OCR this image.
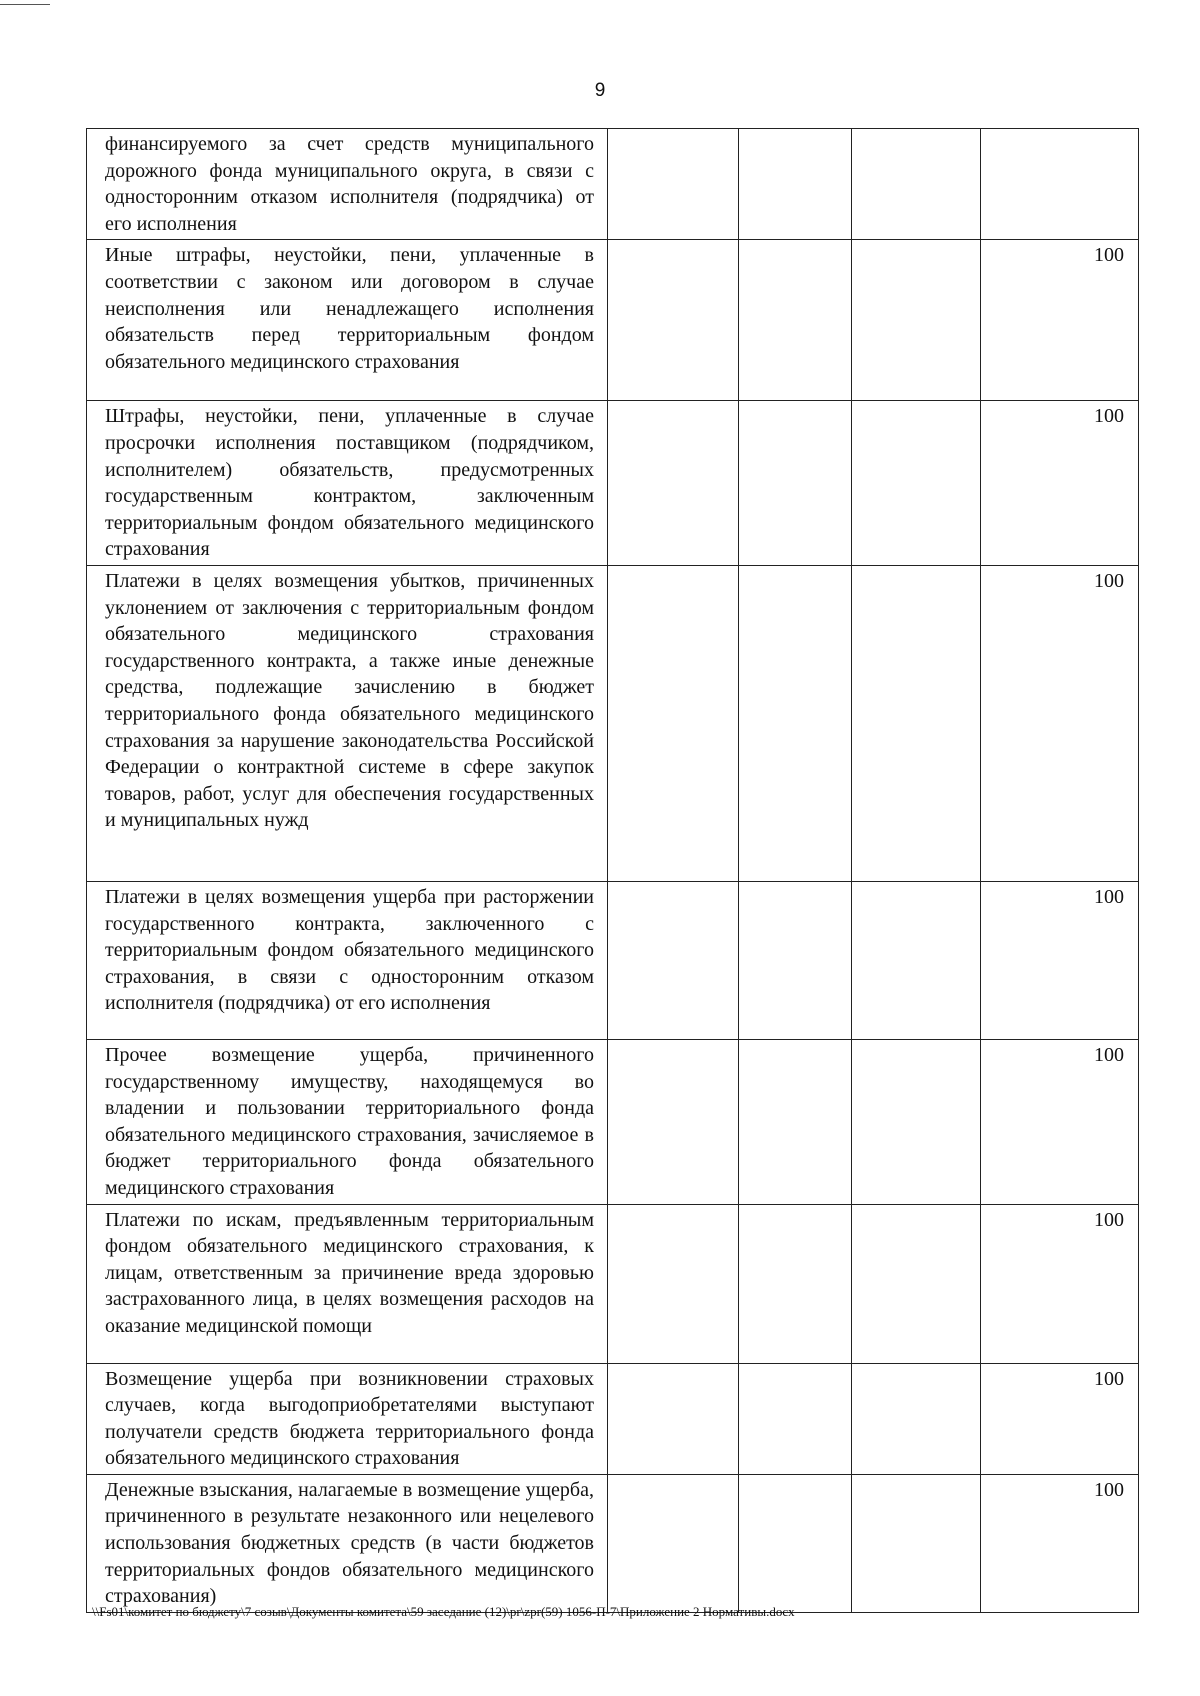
9
финансируемого за счет средств муниципального дорожного фонда муниципального округа, в связи с односторонним отказом исполнителя (подрядчика) от его исполнения				
Иные штрафы, неустойки, пени, уплаченные в соответствии с законом или договором в случае неисполнения или ненадлежащего исполнения обязательств перед территориальным фондом обязательного медицинского страхования				100
Штрафы, неустойки, пени, уплаченные в случае просрочки исполнения поставщиком (подрядчиком, исполнителем) обязательств, предусмотренных государственным контрактом, заключенным территориальным фондом обязательного медицинского страхования				100
Платежи в целях возмещения убытков, причиненных уклонением от заключения с территориальным фондом обязательного медицинского страхования государственного контракта, а также иные денежные средства, подлежащие зачислению в бюджет территориального фонда обязательного медицинского страхования за нарушение законодательства Российской Федерации о контрактной системе в сфере закупок товаров, работ, услуг для обеспечения государственных и муниципальных нужд				100
Платежи в целях возмещения ущерба при расторжении государственного контракта, заключенного с территориальным фондом обязательного медицинского страхования, в связи с односторонним отказом исполнителя (подрядчика) от его исполнения				100
Прочее возмещение ущерба, причиненного государственному имуществу, находящемуся во владении и пользовании территориального фонда обязательного медицинского страхования, зачисляемое в бюджет территориального фонда обязательного медицинского страхования				100
Платежи по искам, предъявленным территориальным фондом обязательного медицинского страхования, к лицам, ответственным за причинение вреда здоровью застрахованного лица, в целях возмещения расходов на оказание медицинской помощи				100
Возмещение ущерба при возникновении страховых случаев, когда выгодоприобретателями выступают получатели средств бюджета территориального фонда обязательного медицинского страхования				100
Денежные взыскания, налагаемые в возмещение ущерба, причиненного в результате незаконного или нецелевого использования бюджетных средств (в части бюджетов территориальных фондов обязательного медицинского страхования)				100
\\Fs01\комитет по бюджету\7 созыв\Документы комитета\59 заседание (12)\pr\zpr(59) 1056-П-7\Приложение 2 Нормативы.docx
